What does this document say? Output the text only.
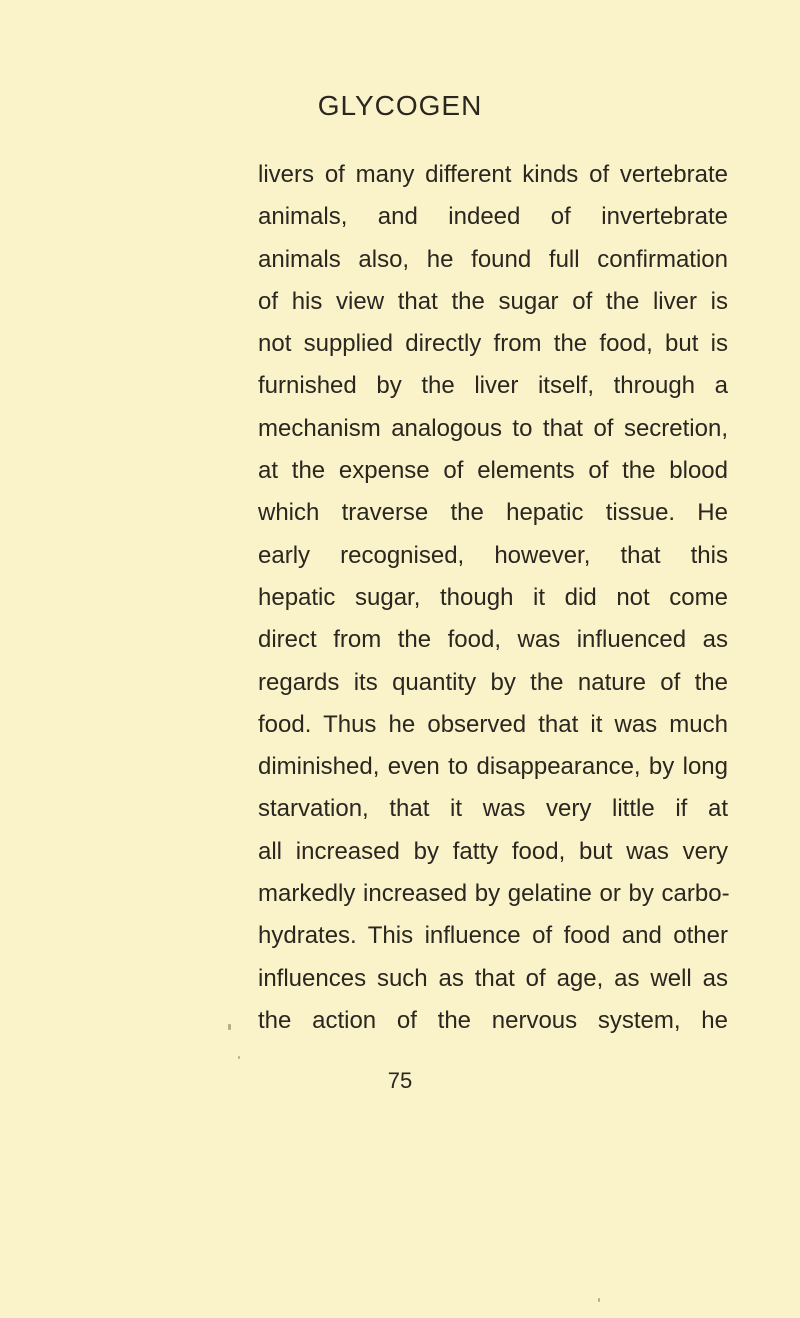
GLYCOGEN
livers of many different kinds of vertebrate
animals, and indeed of invertebrate
animals also, he found full confirmation
of his view that the sugar of the liver is
not supplied directly from the food, but is
furnished by the liver itself, through a
mechanism analogous to that of secretion,
at the expense of elements of the blood
which traverse the hepatic tissue. He
early recognised, however, that this
hepatic sugar, though it did not come
direct from the food, was influenced as
regards its quantity by the nature of the
food. Thus he observed that it was much
diminished, even to disappearance, by long
starvation, that it was very little if at
all increased by fatty food, but was very
markedly increased by gelatine or by carbo-
hydrates. This influence of food and other
influences such as that of age, as well as
the action of the nervous system, he
75
